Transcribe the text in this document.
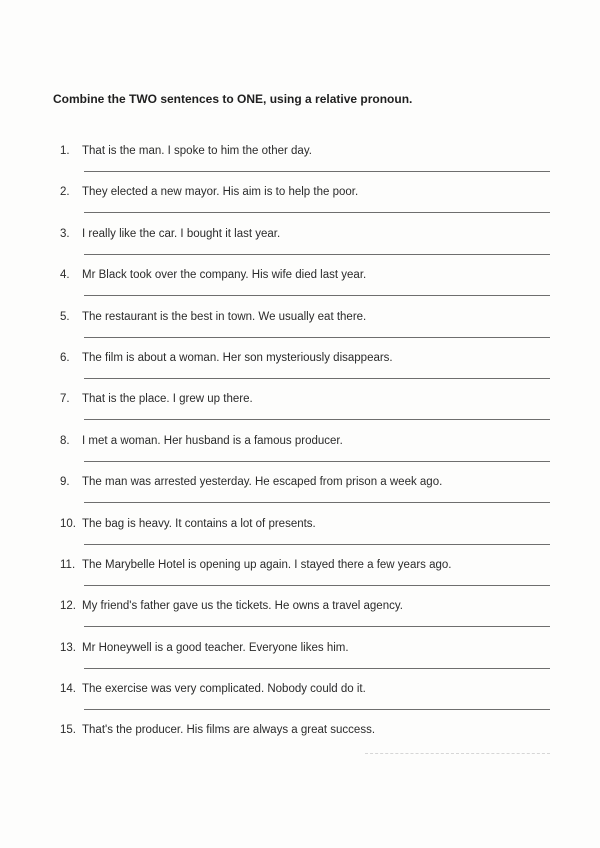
Combine the TWO sentences to ONE, using a relative pronoun.
1. That is the man. I spoke to him the other day.
2. They elected a new mayor. His aim is to help the poor.
3. I really like the car. I bought it last year.
4. Mr Black took over the company. His wife died last year.
5. The restaurant is the best in town. We usually eat there.
6. The film is about a woman. Her son mysteriously disappears.
7. That is the place. I grew up there.
8. I met a woman. Her husband is a famous producer.
9. The man was arrested yesterday. He escaped from prison a week ago.
10. The bag is heavy. It contains a lot of presents.
11. The Marybelle Hotel is opening up again. I stayed there a few years ago.
12. My friend's father gave us the tickets. He owns a travel agency.
13. Mr Honeywell is a good teacher. Everyone likes him.
14. The exercise was very complicated. Nobody could do it.
15. That's the producer. His films are always a great success.
